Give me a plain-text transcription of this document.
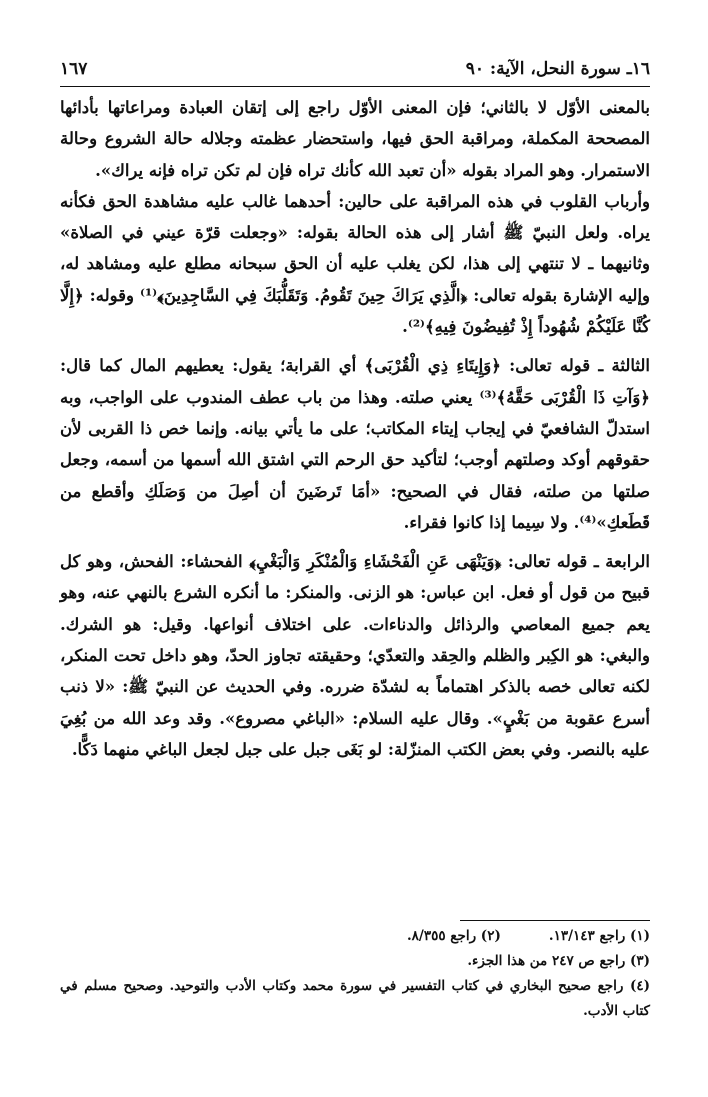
١٦ـ سورة النحل، الآية: ٩٠
١٦٧

بالمعنى الأوّل لا بالثاني؛ فإن المعنى الأوّل راجع إلى إتقان العبادة ومراعاتها بأدائها المصححة المكملة، ومراقبة الحق فيها، واستحضار عظمته وجلاله حالة الشروع وحالة الاستمرار. وهو المراد بقوله «أن تعبد الله كأنك تراه فإن لم تكن تراه فإنه يراك».

وأرباب القلوب في هذه المراقبة على حالين: أحدهما غالب عليه مشاهدة الحق فكأنه يراه. ولعل النبيّ ﷺ أشار إلى هذه الحالة بقوله: «وجعلت قرّة عيني في الصلاة» وثانيهما ـ لا تنتهي إلى هذا، لكن يغلب عليه أن الحق سبحانه مطلع عليه ومشاهد له، وإليه الإشارة بقوله تعالى: ﴿الَّذِي يَرَاكَ حِينَ تَقُومُ. وَتَقَلُّبَكَ فِي السَّاجِدِينَ﴾⁽¹⁾ وقوله: ﴿إِلَّا كُنَّا عَلَيْكُمْ شُهُوداً إِذْ تُفِيضُونَ فِيهِ﴾⁽²⁾.

الثالثة ـ قوله تعالى: ﴿وَإِيتَاءِ ذِي الْقُرْبَى﴾ أي القرابة؛ يقول: يعطيهم المال كما قال: ﴿وَآتِ ذَا الْقُرْبَى حَقَّهُ﴾⁽³⁾ يعني صلته. وهذا من باب عطف المندوب على الواجب، وبه استدلّ الشافعيّ في إيجاب إيتاء المكاتب؛ على ما يأتي بيانه. وإنما خص ذا القربى لأن حقوقهم أوكد وصلتهم أوجب؛ لتأكيد حق الرحم التي اشتق الله أسمها من أسمه، وجعل صلتها من صلته، فقال في الصحيح: «أمَا تَرضَينَ أن أصِلَ من وَصَلَكِ وأقطع من قَطَعكِ»⁽⁴⁾. ولا سِيما إذا كانوا فقراء.

الرابعة ـ قوله تعالى: ﴿وَيَنْهَى عَنِ الْفَحْشَاءِ وَالْمُنْكَرِ وَالْبَغْيِ﴾ الفحشاء: الفحش، وهو كل قبيح من قول أو فعل. ابن عباس: هو الزنى. والمنكر: ما أنكره الشرع بالنهي عنه، وهو يعم جميع المعاصي والرذائل والدناءات. على اختلاف أنواعها. وقيل: هو الشرك. والبغي: هو الكِبر والظلم والحِقد والتعدّي؛ وحقيقته تجاوز الحدّ، وهو داخل تحت المنكر، لكنه تعالى خصه بالذكر اهتماماً به لشدّة ضرره. وفي الحديث عن النبيّ ﷺ: «لا ذنب أسرع عقوبة من بَغْيٍ». وقال عليه السلام: «الباغي مصروع». وقد وعد الله من بُغِيَ عليه بالنصر. وفي بعض الكتب المنزّلة: لو بَغَى جبل على جبل لجعل الباغي منهما دَكًّا.

(١) راجع ١٣/١٤٣.
(٢) راجع ٨/٣٥٥.

(٣) راجع ص ٢٤٧ من هذا الجزء.

(٤) راجع صحيح البخاري في كتاب التفسير في سورة محمد وكتاب الأدب والتوحيد. وصحيح مسلم في كتاب الأدب.
